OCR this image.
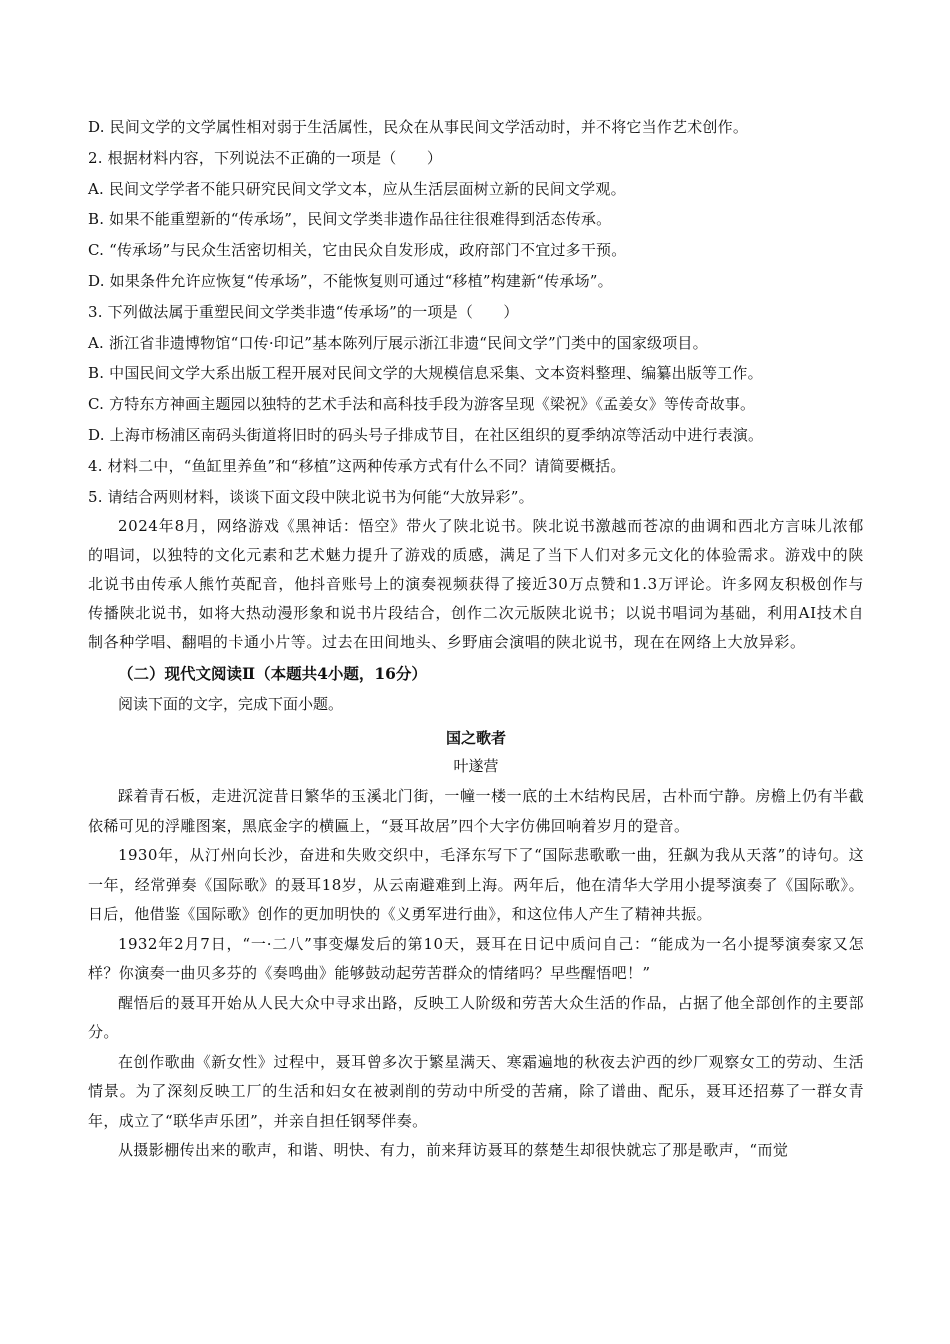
D. 民间文学的文学属性相对弱于生活属性，民众在从事民间文学活动时，并不将它当作艺术创作。
2. 根据材料内容，下列说法不正确的一项是（　　）
A. 民间文学学者不能只研究民间文学文本，应从生活层面树立新的民间文学观。
B. 如果不能重塑新的“传承场”，民间文学类非遗作品往往很难得到活态传承。
C. “传承场”与民众生活密切相关，它由民众自发形成，政府部门不宜过多干预。
D. 如果条件允许应恢复“传承场”，不能恢复则可通过“移植”构建新“传承场”。
3. 下列做法属于重塑民间文学类非遗“传承场”的一项是（　　）
A. 浙江省非遗博物馆“口传·印记”基本陈列厅展示浙江非遗“民间文学”门类中的国家级项目。
B. 中国民间文学大系出版工程开展对民间文学的大规模信息采集、文本资料整理、编纂出版等工作。
C. 方特东方神画主题园以独特的艺术手法和高科技手段为游客呈现《梁祝》《孟姜女》等传奇故事。
D. 上海市杨浦区南码头街道将旧时的码头号子排成节目，在社区组织的夏季纳凉等活动中进行表演。
4. 材料二中，“鱼缸里养鱼”和“移植”这两种传承方式有什么不同？请简要概括。
5. 请结合两则材料，谈谈下面文段中陕北说书为何能“大放异彩”。
2024年8月，网络游戏《黑神话：悟空》带火了陕北说书。陕北说书激越而苍凉的曲调和西北方言味儿浓郁的唱词，以独特的文化元素和艺术魅力提升了游戏的质感，满足了当下人们对多元文化的体验需求。游戏中的陕北说书由传承人熊竹英配音，他抖音账号上的演奏视频获得了接近30万点赞和1.3万评论。许多网友积极创作与传播陕北说书，如将大热动漫形象和说书片段结合，创作二次元版陕北说书；以说书唱词为基础，利用AI技术自制各种学唱、翻唱的卡通小片等。过去在田间地头、乡野庙会演唱的陕北说书，现在在网络上大放异彩。
（二）现代文阅读Ⅱ（本题共4小题，16分）
阅读下面的文字，完成下面小题。
国之歌者
叶遂营
踩着青石板，走进沉淀昔日繁华的玉溪北门街，一幢一楼一底的土木结构民居，古朴而宁静。房檐上仍有半截依稀可见的浮雕图案，黑底金字的横匾上，“聂耳故居”四个大字仿佛回响着岁月的跫音。
1930年，从汀州向长沙，奋进和失败交织中，毛泽东写下了“国际悲歌歌一曲，狂飙为我从天落”的诗句。这一年，经常弹奏《国际歌》的聂耳18岁，从云南避难到上海。两年后，他在清华大学用小提琴演奏了《国际歌》。日后，他借鉴《国际歌》创作的更加明快的《义勇军进行曲》，和这位伟人产生了精神共振。
1932年2月7日，“一·二八”事变爆发后的第10天，聂耳在日记中质问自己：“能成为一名小提琴演奏家又怎样？你演奏一曲贝多芬的《奏鸣曲》能够鼓动起劳苦群众的情绪吗？早些醒悟吧！”
醒悟后的聂耳开始从人民大众中寻求出路，反映工人阶级和劳苦大众生活的作品，占据了他全部创作的主要部分。
在创作歌曲《新女性》过程中，聂耳曾多次于繁星满天、寒霜遍地的秋夜去沪西的纱厂观察女工的劳动、生活情景。为了深刻反映工厂的生活和妇女在被剥削的劳动中所受的苦痛，除了谱曲、配乐，聂耳还招募了一群女青年，成立了“联华声乐团”，并亲自担任钢琴伴奏。
从摄影棚传出来的歌声，和谐、明快、有力，前来拜访聂耳的蔡楚生却很快就忘了那是歌声，“而觉
